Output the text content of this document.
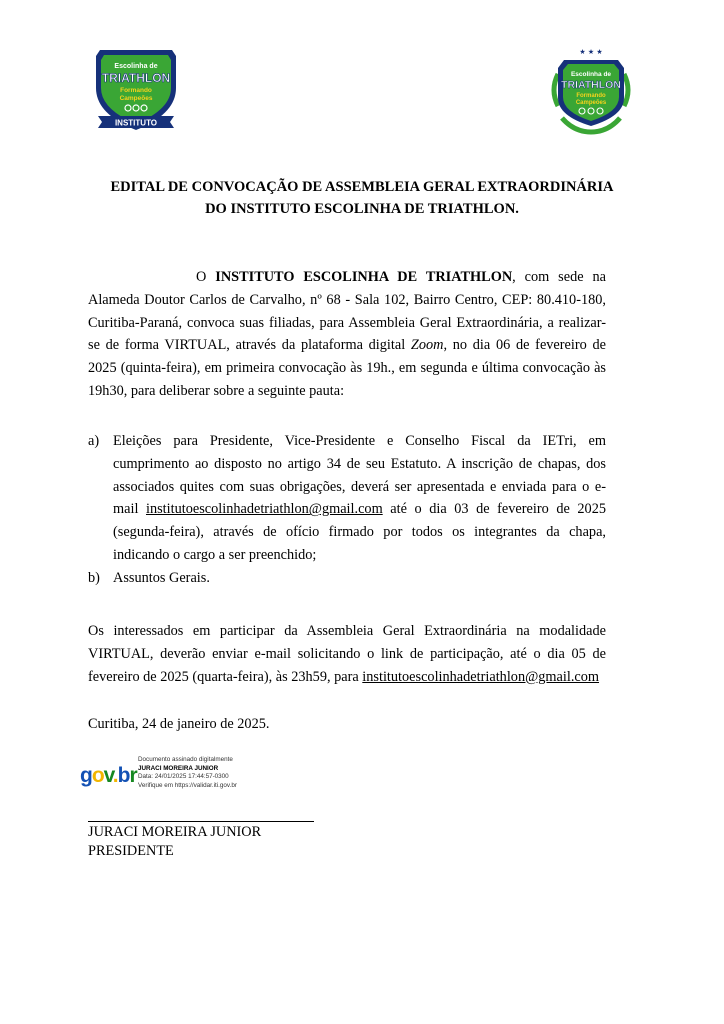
Escolinha de
TRIATHLON
Formando
Campeões
INSTITUTO
★ ★ ★
Escolinha de
TRIATHLON
Formando
Campeões
EDITAL DE CONVOCAÇÃO DE ASSEMBLEIA GERAL EXTRAORDINÁRIA
DO INSTITUTO ESCOLINHA DE TRIATHLON.
O INSTITUTO ESCOLINHA DE TRIATHLON, com sede na
Alameda Doutor Carlos de Carvalho, nº 68 - Sala 102, Bairro Centro, CEP: 80.410-180,
Curitiba-Paraná, convoca suas filiadas, para Assembleia Geral Extraordinária, a realizar-
se de forma VIRTUAL, através da plataforma digital Zoom, no dia 06 de fevereiro de
2025 (quinta-feira), em primeira convocação às 19h., em segunda e última convocação às
19h30, para deliberar sobre a seguinte pauta:
a) Eleições para Presidente, Vice-Presidente e Conselho Fiscal da IETri, em
cumprimento ao disposto no artigo 34 de seu Estatuto. A inscrição de chapas, dos
associados quites com suas obrigações, deverá ser apresentada e enviada para o e-
mail institutoescolinhadetriathlon@gmail.com até o dia 03 de fevereiro de 2025
(segunda-feira), através de ofício firmado por todos os integrantes da chapa,
indicando o cargo a ser preenchido;
b) Assuntos Gerais.
Os interessados em participar da Assembleia Geral Extraordinária na modalidade
VIRTUAL, deverão enviar e-mail solicitando o link de participação, até o dia 05 de
fevereiro de 2025 (quarta-feira), às 23h59, para institutoescolinhadetriathlon@gmail.com
Curitiba, 24 de janeiro de 2025.
gov.br
Documento assinado digitalmente
JURACI MOREIRA JUNIOR
Data: 24/01/2025 17:44:57-0300
Verifique em https://validar.iti.gov.br
JURACI MOREIRA JUNIOR
PRESIDENTE
